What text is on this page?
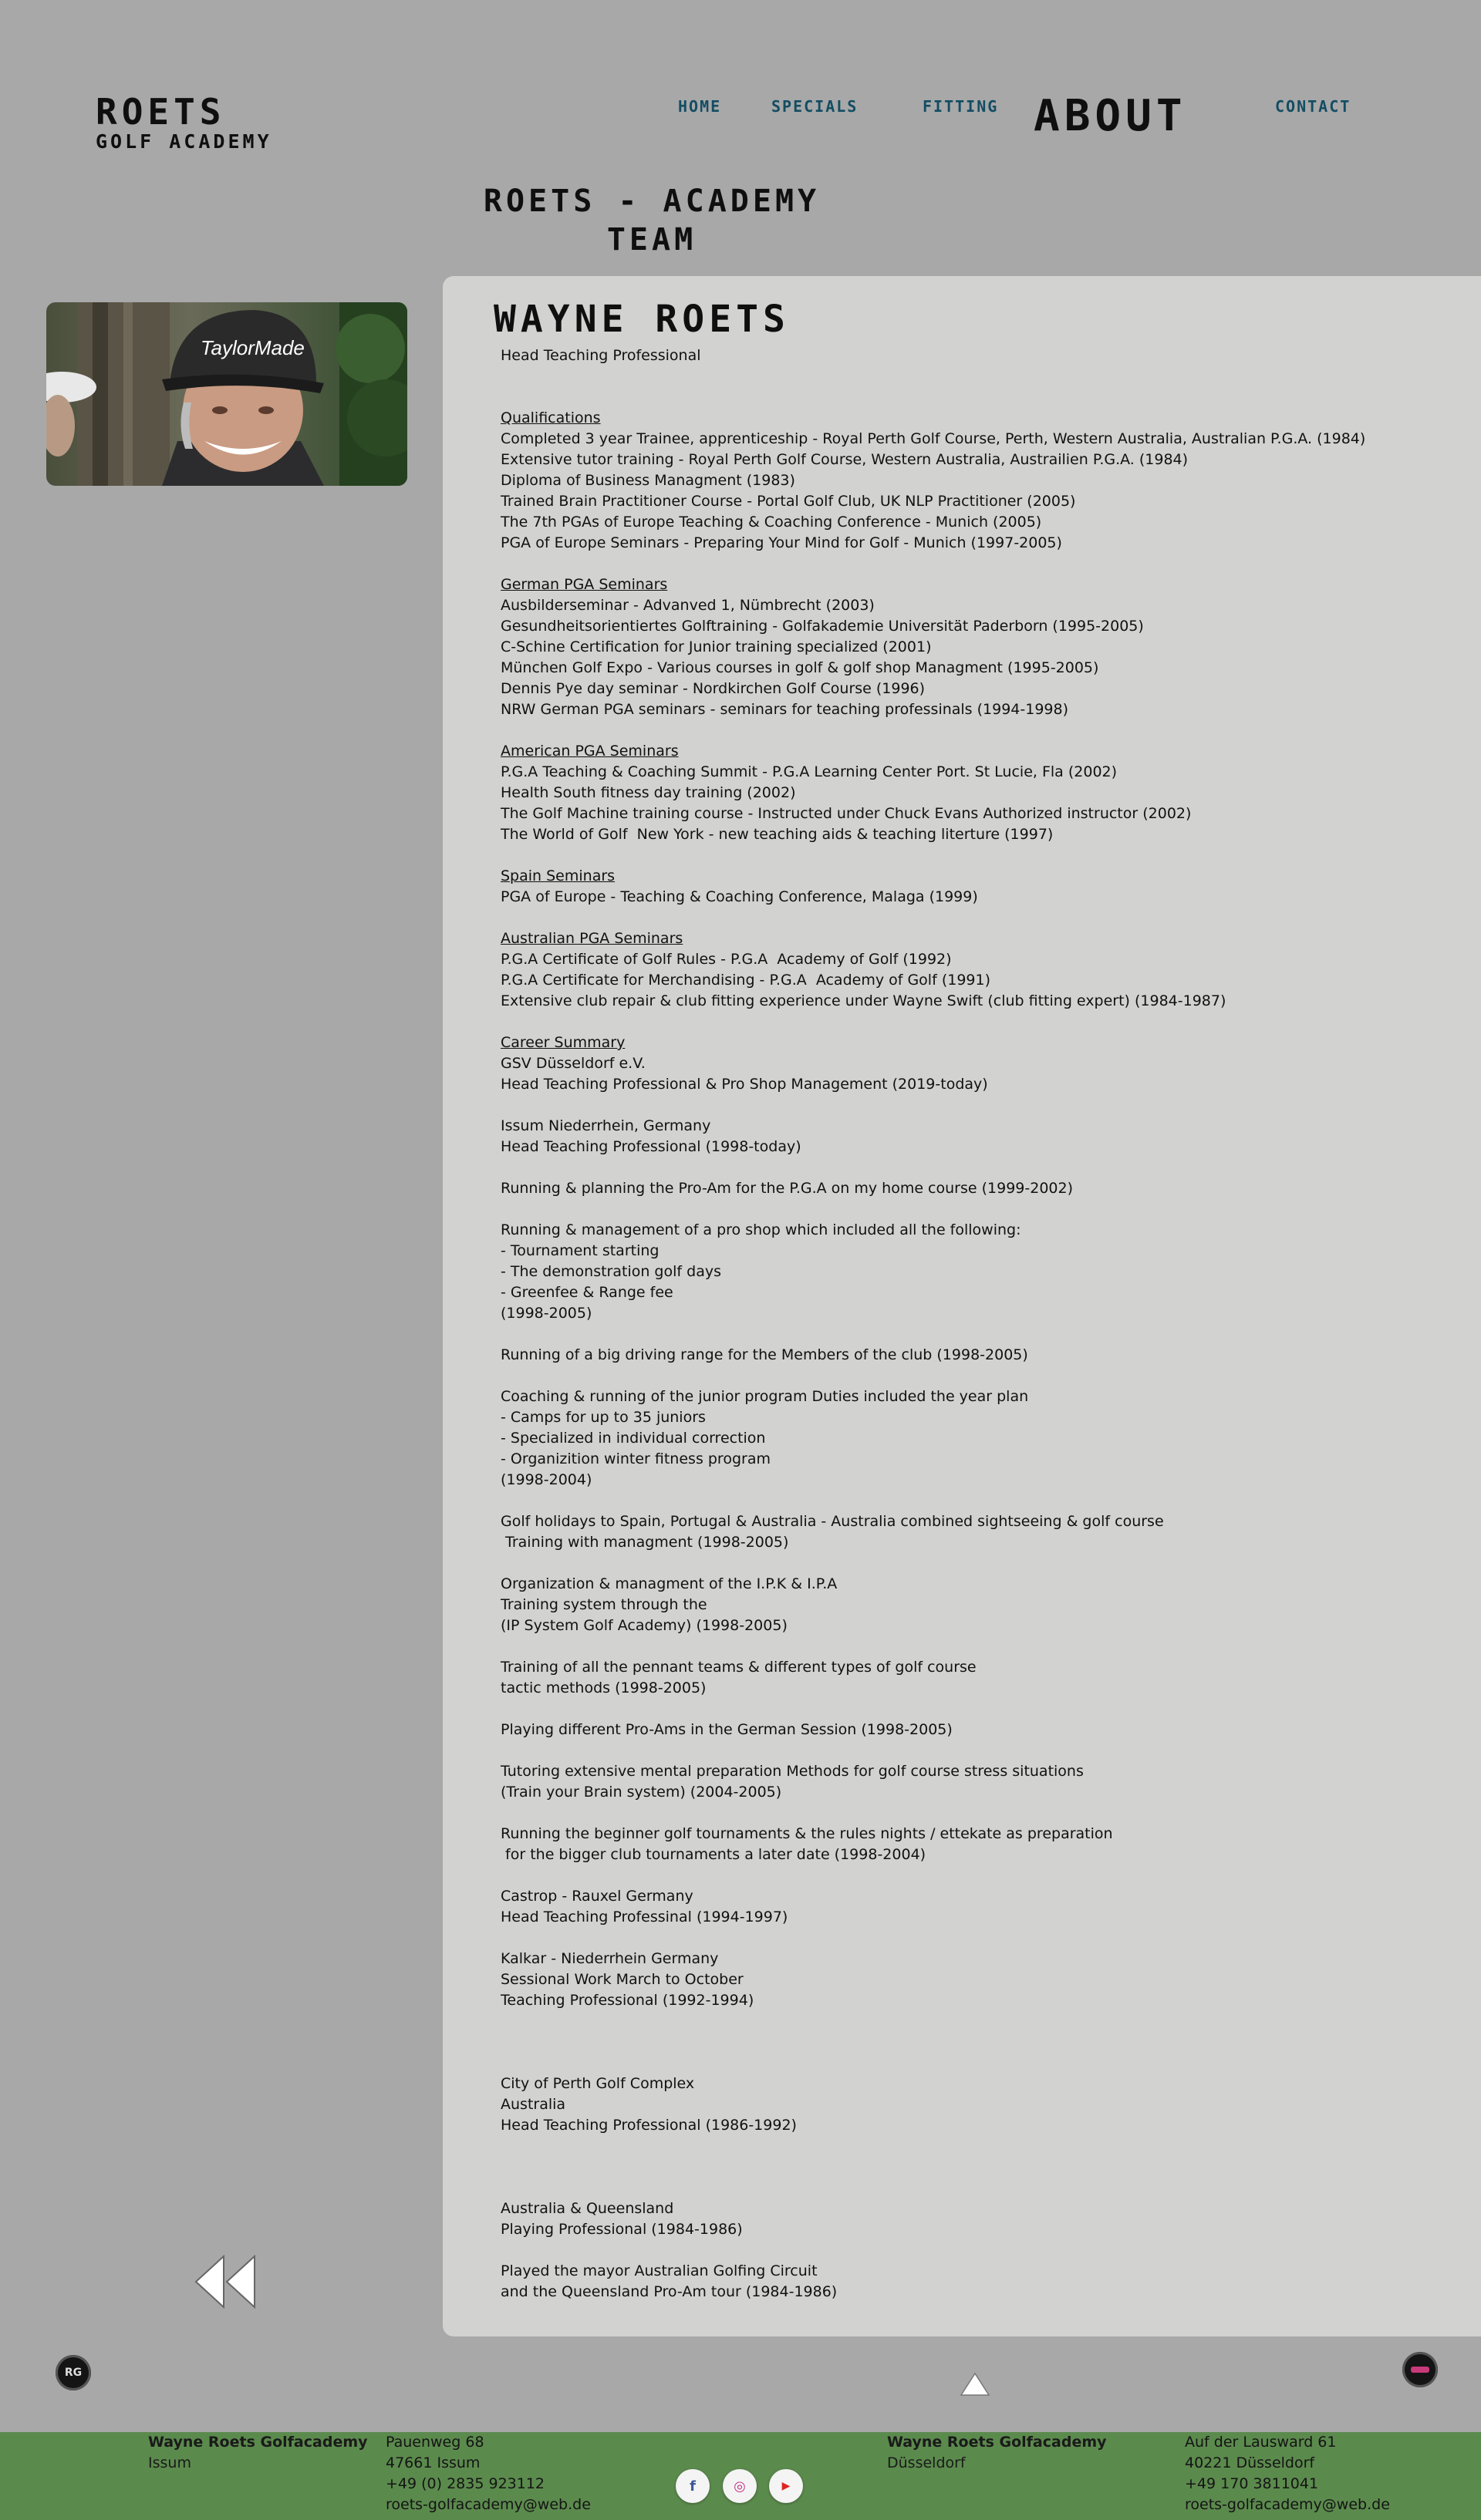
ROETS
GOLF ACADEMY
HOME	SPECIALS	FITTING ABOUT	CONTACT
ROETS - ACADEMY
TEAM
TaylorMade
WAYNE ROETS
Head Teaching Professional
Qualifications
Completed 3 year Trainee, apprenticeship - Royal Perth Golf Course, Perth, Western Australia, Australian P.G.A. (1984)
Extensive tutor training - Royal Perth Golf Course, Western Australia, Austrailien P.G.A. (1984)
Diploma of Business Managment (1983)
Trained Brain Practitioner Course - Portal Golf Club, UK NLP Practitioner (2005)
The 7th PGAs of Europe Teaching & Coaching Conference - Munich (2005)
PGA of Europe Seminars - Preparing Your Mind for Golf - Munich (1997-2005)
German PGA Seminars
Ausbilderseminar - Advanved 1, Nümbrecht (2003)
Gesundheitsorientiertes Golftraining - Golfakademie Universität Paderborn (1995-2005)
C-Schine Certification for Junior training specialized (2001)
München Golf Expo - Various courses in golf & golf shop Managment (1995-2005)
Dennis Pye day seminar - Nordkirchen Golf Course (1996)
NRW German PGA seminars - seminars for teaching professinals (1994-1998)
American PGA Seminars
P.G.A Teaching & Coaching Summit - P.G.A Learning Center Port. St Lucie, Fla (2002)
Health South fitness day training (2002)
The Golf Machine training course - Instructed under Chuck Evans Authorized instructor (2002)
The World of Golf  New York - new teaching aids & teaching literture (1997)
Spain Seminars
PGA of Europe - Teaching & Coaching Conference, Malaga (1999)
Australian PGA Seminars
P.G.A Certificate of Golf Rules - P.G.A  Academy of Golf (1992)
P.G.A Certificate for Merchandising - P.G.A  Academy of Golf (1991)
Extensive club repair & club fitting experience under Wayne Swift (club fitting expert) (1984-1987)
Career Summary
GSV Düsseldorf e.V.
Head Teaching Professional & Pro Shop Management (2019-today)
Issum Niederrhein, Germany
Head Teaching Professional (1998-today)
Running & planning the Pro-Am for the P.G.A on my home course (1999-2002)
Running & management of a pro shop which included all the following:
- Tournament starting
- The demonstration golf days
- Greenfee & Range fee
(1998-2005)
Running of a big driving range for the Members of the club (1998-2005)
Coaching & running of the junior program Duties included the year plan
- Camps for up to 35 juniors
- Specialized in individual correction
- Organizition winter fitness program
(1998-2004)
Golf holidays to Spain, Portugal & Australia - Australia combined sightseeing & golf course
Training with managment (1998-2005)
Organization & managment of the I.P.K & I.P.A
Training system through the
(IP System Golf Academy) (1998-2005)
Training of all the pennant teams & different types of golf course
tactic methods (1998-2005)
Playing different Pro-Ams in the German Session (1998-2005)
Tutoring extensive mental preparation Methods for golf course stress situations
(Train your Brain system) (2004-2005)
Running the beginner golf tournaments & the rules nights / ettekate as preparation
for the bigger club tournaments a later date (1998-2004)
Castrop - Rauxel Germany
Head Teaching Professinal (1994-1997)
Kalkar - Niederrhein Germany
Sessional Work March to October
Teaching Professional (1992-1994)
City of Perth Golf Complex
Australia
Head Teaching Professional (1986-1992)
Australia & Queensland
Playing Professional (1984-1986)
Played the mayor Australian Golfing Circuit
and the Queensland Pro-Am tour (1984-1986)
RG
Wayne Roets Golfacademy
Issum
Pauenweg 68
47661 Issum
+49 (0) 2835 923112
roets-golfacademy@web.de
Wayne Roets Golfacademy
Düsseldorf
Auf der Lausward 61
40221 Düsseldorf
+49 170 3811041
roets-golfacademy@web.de
f	◎	▶
